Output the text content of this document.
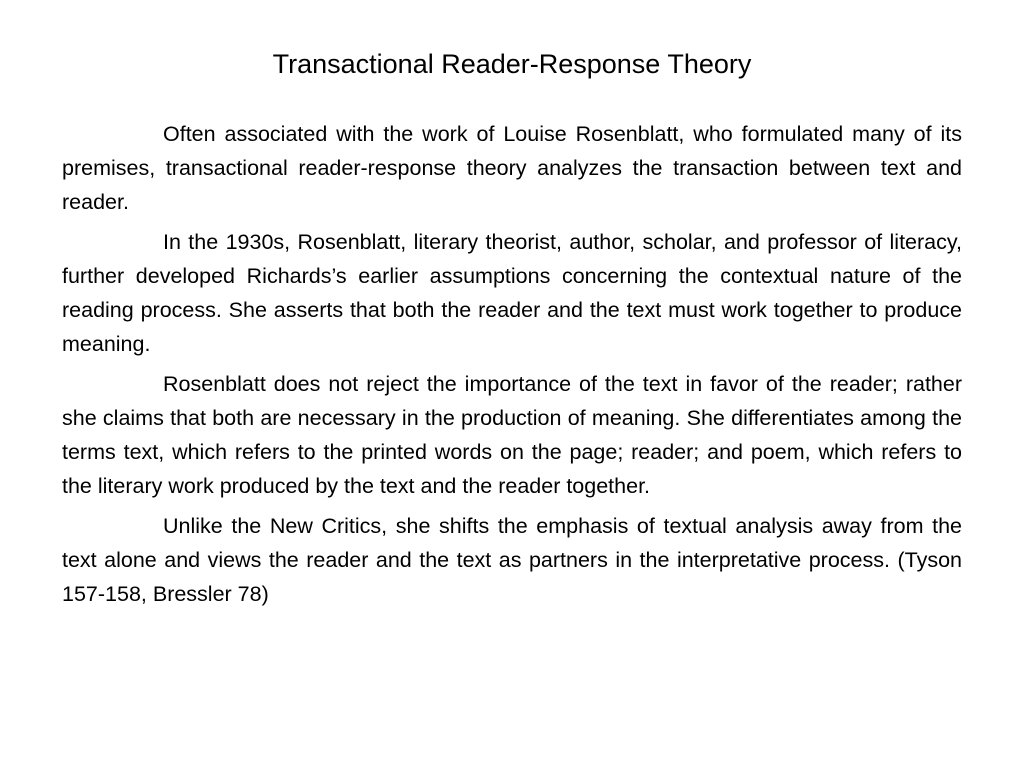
Transactional Reader-Response Theory

Often associated with the work of Louise Rosenblatt, who formulated many of its premises, transactional reader-response theory analyzes the transaction between text and reader.

In the 1930s, Rosenblatt, literary theorist, author, scholar, and professor of literacy, further developed Richards’s earlier assumptions concerning the contextual nature of the reading process. She asserts that both the reader and the text must work together to produce meaning.

Rosenblatt does not reject the importance of the text in favor of the reader; rather she claims that both are necessary in the production of meaning. She differentiates among the terms text, which refers to the printed words on the page; reader; and poem, which refers to the literary work produced by the text and the reader together.

Unlike the New Critics, she shifts the emphasis of textual analysis away from the text alone and views the reader and the text as partners in the interpretative process. (Tyson 157-158, Bressler 78)
